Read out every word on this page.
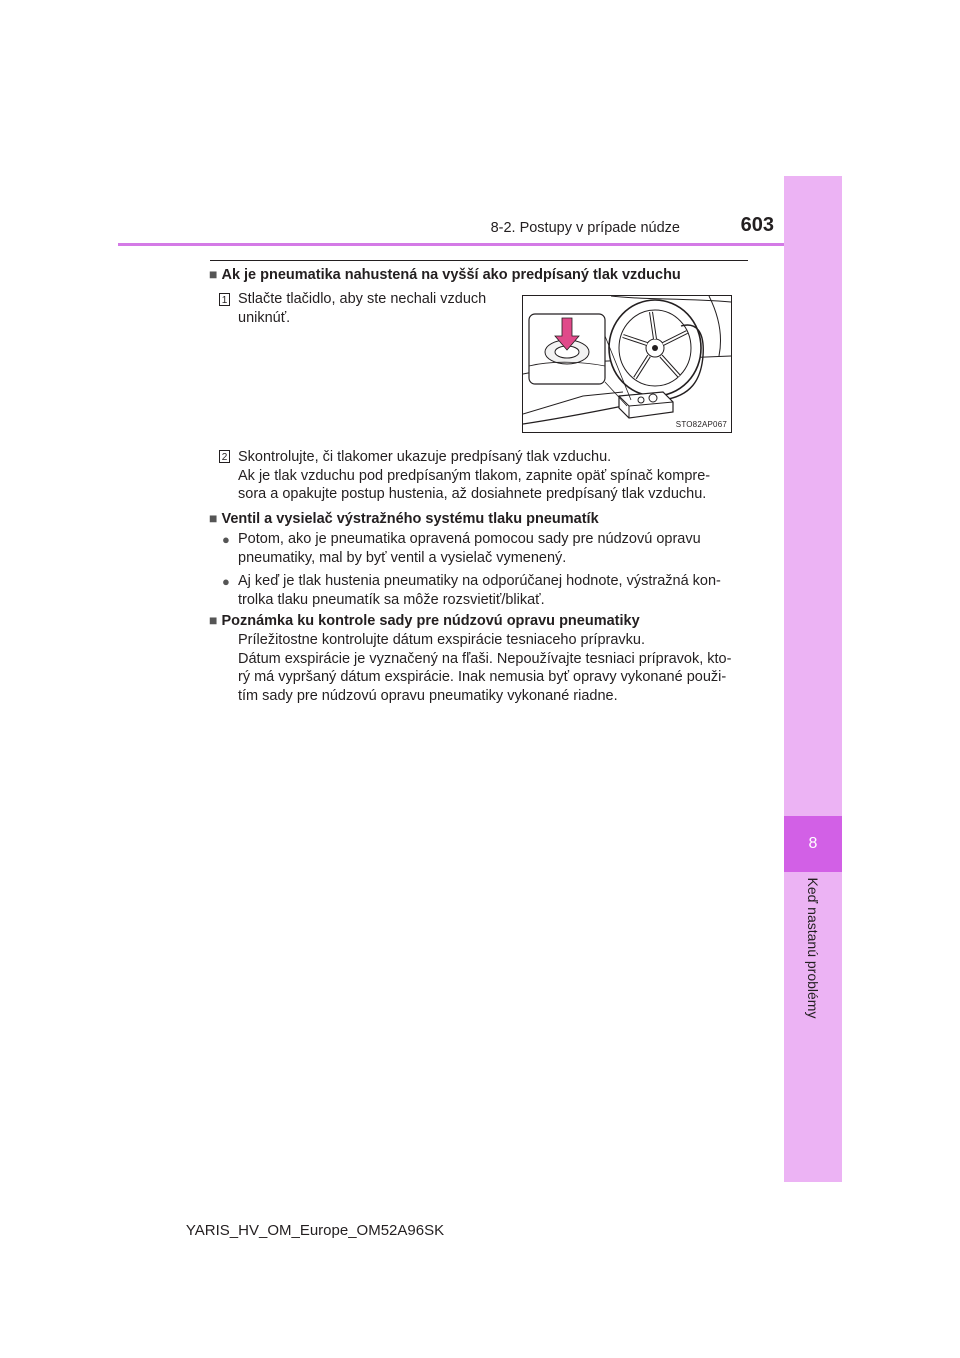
8
Keď nastanú problémy
8-2. Postupy v prípade núdze	603
■ Ak je pneumatika nahustená na vyšší ako predpísaný tlak vzduchu
1 Stlačte tlačidlo, aby ste nechali vzduch
uniknúť.
STO82AP067
2 Skontrolujte, či tlakomer ukazuje predpísaný tlak vzduchu.
Ak je tlak vzduchu pod predpísaným tlakom, zapnite opäť spínač kompre-
sora a opakujte postup hustenia, až dosiahnete predpísaný tlak vzduchu.
■ Ventil a vysielač výstražného systému tlaku pneumatík
● Potom, ako je pneumatika opravená pomocou sady pre núdzovú opravu
pneumatiky, mal by byť ventil a vysielač vymenený.
● Aj keď je tlak hustenia pneumatiky na odporúčanej hodnote, výstražná kon-
trolka tlaku pneumatík sa môže rozsvietiť/blikať.
■ Poznámka ku kontrole sady pre núdzovú opravu pneumatiky
Príležitostne kontrolujte dátum exspirácie tesniaceho prípravku.
Dátum exspirácie je vyznačený na fľaši. Nepoužívajte tesniaci prípravok, kto-
rý má vypršaný dátum exspirácie. Inak nemusia byť opravy vykonané použi-
tím sady pre núdzovú opravu pneumatiky vykonané riadne.
YARIS_HV_OM_Europe_OM52A96SK
